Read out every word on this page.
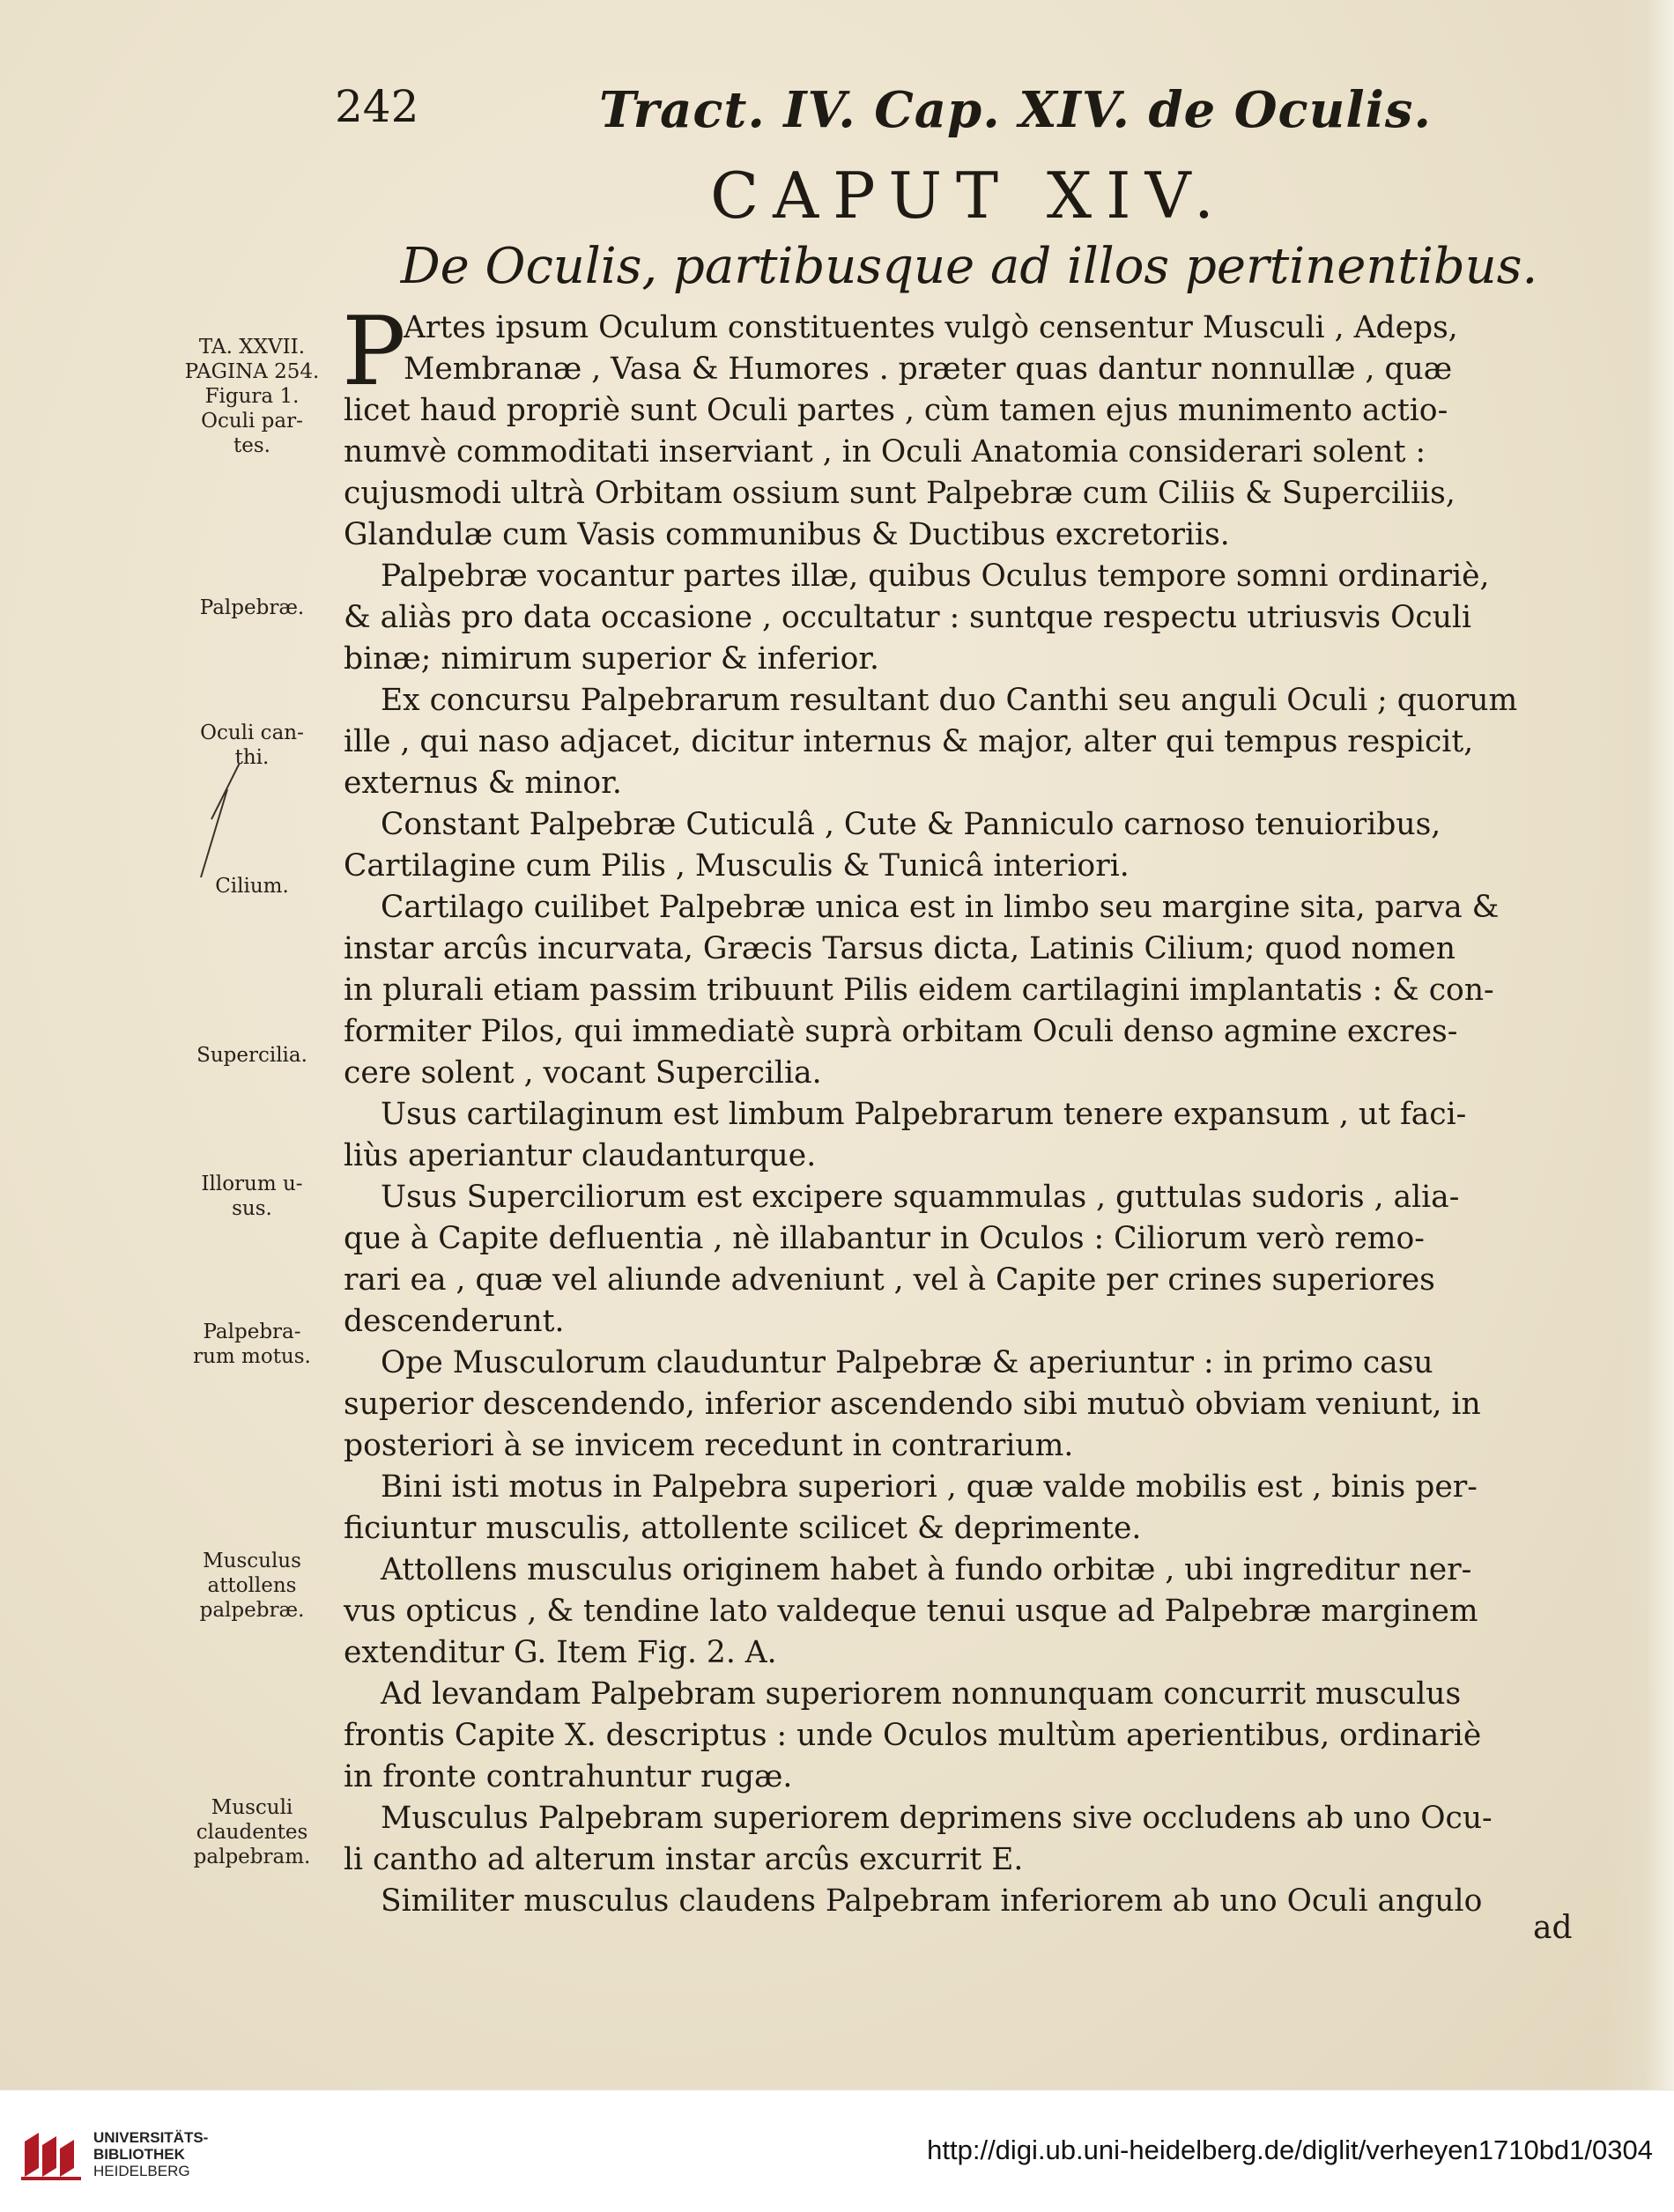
242	Tract. IV. Cap. XIV. de Oculis.
CAPUT XIV.
De Oculis, partibusque ad illos pertinentibus.
TA. XXVII.
PAGINA 254.
Figura 1.
Oculi par-
tes.
Palpebræ.
Oculi can-
thi.
Cilium.
Supercilia.
Illorum u-
sus.
Palpebra-
rum motus.
Musculus
attollens
palpebræ.
Musculi
claudentes
palpebram.
P
Artes ipsum Oculum constituentes vulgò censentur Musculi , Adeps,
Membranæ , Vasa & Humores . præter quas dantur nonnullæ , quæ
licet haud propriè sunt Oculi partes , cùm tamen ejus munimento actio-
numvè commoditati inserviant , in Oculi Anatomia considerari solent :
cujusmodi ultrà Orbitam ossium sunt Palpebræ cum Ciliis & Superciliis,
Glandulæ cum Vasis communibus & Ductibus excretoriis.
Palpebræ vocantur partes illæ, quibus Oculus tempore somni ordinariè,
& aliàs pro data occasione , occultatur : suntque respectu utriusvis Oculi
binæ; nimirum superior & inferior.
Ex concursu Palpebrarum resultant duo Canthi seu anguli Oculi ; quorum
ille , qui naso adjacet, dicitur internus & major, alter qui tempus respicit,
externus & minor.
Constant Palpebræ Cuticulâ , Cute & Panniculo carnoso tenuioribus,
Cartilagine cum Pilis , Musculis & Tunicâ interiori.
Cartilago cuilibet Palpebræ unica est in limbo seu margine sita, parva &
instar arcûs incurvata, Græcis Tarsus dicta, Latinis Cilium; quod nomen
in plurali etiam passim tribuunt Pilis eidem cartilagini implantatis : & con-
formiter Pilos, qui immediatè suprà orbitam Oculi denso agmine excres-
cere solent , vocant Supercilia.
Usus cartilaginum est limbum Palpebrarum tenere expansum , ut faci-
liùs aperiantur claudanturque.
Usus Superciliorum est excipere squammulas , guttulas sudoris , alia-
que à Capite defluentia , nè illabantur in Oculos : Ciliorum verò remo-
rari ea , quæ vel aliunde adveniunt , vel à Capite per crines superiores
descenderunt.
Ope Musculorum clauduntur Palpebræ & aperiuntur : in primo casu
superior descendendo, inferior ascendendo sibi mutuò obviam veniunt, in
posteriori à se invicem recedunt in contrarium.
Bini isti motus in Palpebra superiori , quæ valde mobilis est , binis per-
ficiuntur musculis, attollente scilicet & deprimente.
Attollens musculus originem habet à fundo orbitæ , ubi ingreditur ner-
vus opticus , & tendine lato valdeque tenui usque ad Palpebræ marginem
extenditur G. Item Fig. 2. A.
Ad levandam Palpebram superiorem nonnunquam concurrit musculus
frontis Capite X. descriptus : unde Oculos multùm aperientibus, ordinariè
in fronte contrahuntur rugæ.
Musculus Palpebram superiorem deprimens sive occludens ab uno Ocu-
li cantho ad alterum instar arcûs excurrit E.
Similiter musculus claudens Palpebram inferiorem ab uno Oculi angulo
ad
UNIVERSITÄTS-
BIBLIOTHEK
HEIDELBERG
http://digi.ub.uni-heidelberg.de/diglit/verheyen1710bd1/0304
